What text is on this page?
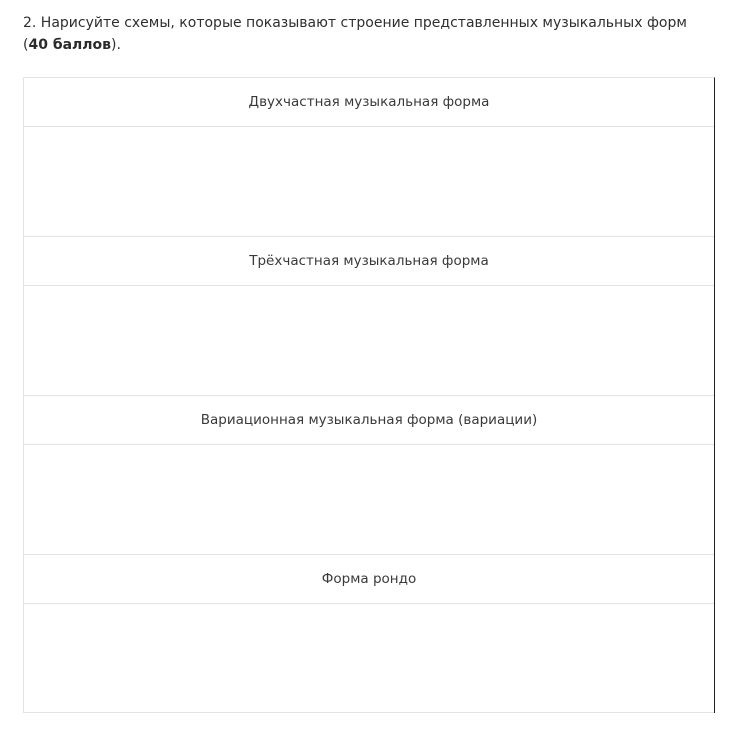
2. Нарисуйте схемы, которые показывают строение представленных музыкальных форм (40 баллов).
Двухчастная музыкальная форма
Трёхчастная музыкальная форма
Вариационная музыкальная форма (вариации)
Форма рондо
